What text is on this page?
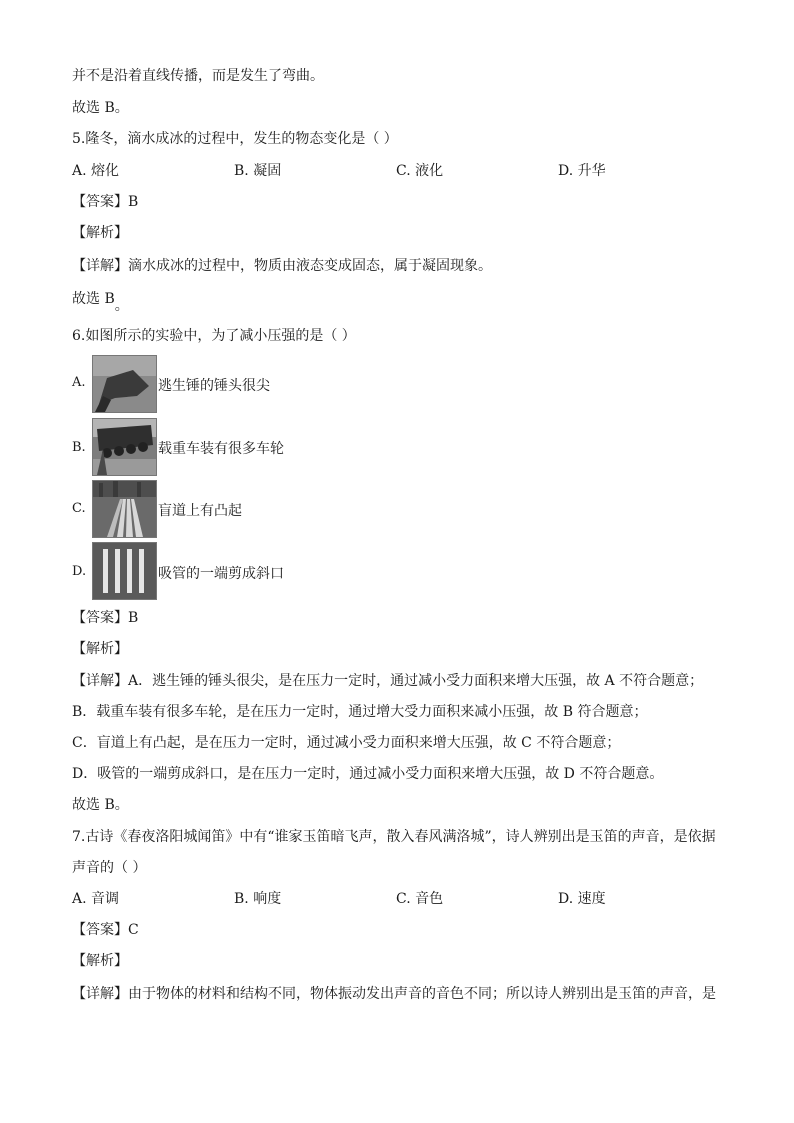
并不是沿着直线传播，而是发生了弯曲。
故选 B。
5.隆冬，滴水成冰的过程中，发生的物态变化是（ ）
A. 熔化	B. 凝固	C. 液化	D. 升华
【答案】B
【解析】
【详解】滴水成冰的过程中，物质由液态变成固态，属于凝固现象。
故选 B。
6.如图所示的实验中，为了减小压强的是（ ）
A.	逃生锤的锤头很尖
B.	载重车装有很多车轮
C.	盲道上有凸起
D.	吸管的一端剪成斜口
【答案】B
【解析】
【详解】A．逃生锤的锤头很尖，是在压力一定时，通过减小受力面积来增大压强，故 A 不符合题意；
B．载重车装有很多车轮，是在压力一定时，通过增大受力面积来减小压强，故 B 符合题意；
C．盲道上有凸起，是在压力一定时，通过减小受力面积来增大压强，故 C 不符合题意；
D．吸管的一端剪成斜口，是在压力一定时，通过减小受力面积来增大压强，故 D 不符合题意。
故选 B。
7.古诗《春夜洛阳城闻笛》中有“谁家玉笛暗飞声，散入春风满洛城”，诗人辨别出是玉笛的声音，是依据
声音的（ ）
A. 音调	B. 响度	C. 音色	D. 速度
【答案】C
【解析】
【详解】由于物体的材料和结构不同，物体振动发出声音的音色不同；所以诗人辨别出是玉笛的声音，是
